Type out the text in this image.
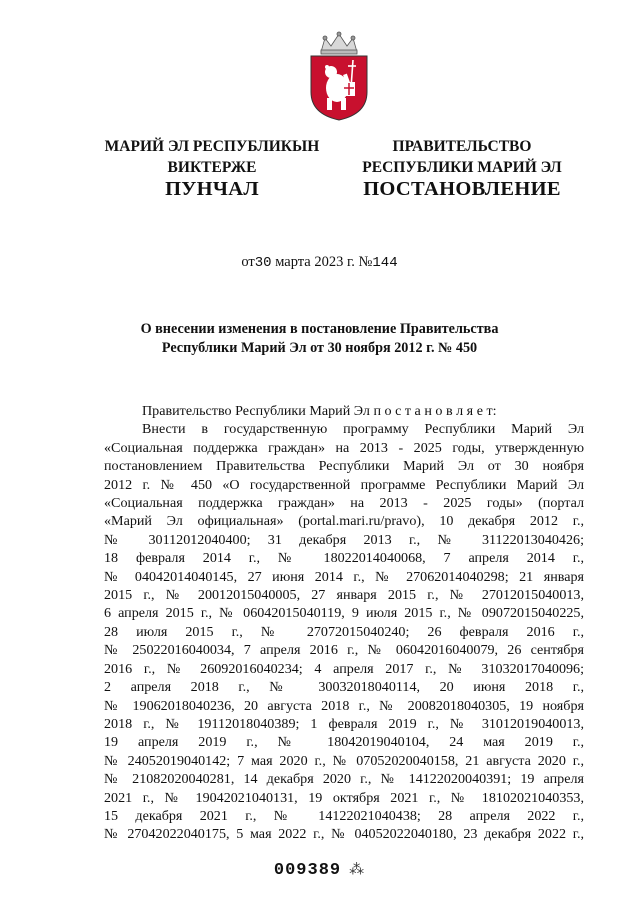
МАРИЙ ЭЛ РЕСПУБЛИКЫН
ВИКТЕРЖЕ
ПРАВИТЕЛЬСТВО
РЕСПУБЛИКИ МАРИЙ ЭЛ
ПУНЧАЛ	ПОСТАНОВЛЕНИЕ
от30 марта 2023 г. №144
О внесении изменения в постановление Правительства
Республики Марий Эл от 30 ноября 2012 г. № 450

Правительство Республики Марий Эл п о с т а н о в л я е т:

Внести в государственную программу Республики Марий Эл
«Социальная поддержка граждан» на 2013 - 2025 годы, утвержденную
постановлением Правительства Республики Марий Эл от 30 ноября
2012 г. № 450 «О государственной программе Республики Марий Эл
«Социальная поддержка граждан» на 2013 - 2025 годы» (портал
«Марий Эл официальная» (portal.mari.ru/pravo), 10 декабря 2012 г.,
№ 30112012040400; 31 декабря 2013 г., № 31122013040426;
18 февраля 2014 г., № 18022014040068, 7 апреля 2014 г.,
№ 04042014040145, 27 июня 2014 г., № 27062014040298; 21 января
2015 г., № 20012015040005, 27 января 2015 г., № 27012015040013,
6 апреля 2015 г., № 06042015040119, 9 июля 2015 г., № 09072015040225,
28 июля 2015 г., № 27072015040240; 26 февраля 2016 г.,
№ 25022016040034, 7 апреля 2016 г., № 06042016040079, 26 сентября
2016 г., № 26092016040234; 4 апреля 2017 г., № 31032017040096;
2 апреля 2018 г., № 30032018040114, 20 июня 2018 г.,
№ 19062018040236, 20 августа 2018 г., № 20082018040305, 19 ноября
2018 г., № 19112018040389; 1 февраля 2019 г., № 31012019040013,
19 апреля 2019 г., № 18042019040104, 24 мая 2019 г.,
№ 24052019040142; 7 мая 2020 г., № 07052020040158, 21 августа 2020 г.,
№ 21082020040281, 14 декабря 2020 г., № 14122020040391; 19 апреля
2021 г., № 19042021040131, 19 октября 2021 г., № 18102021040353,
15 декабря 2021 г., № 14122021040438; 28 апреля 2022 г.,
№ 27042022040175, 5 мая 2022 г., № 04052022040180, 23 декабря 2022 г.,
009389 ⁂
